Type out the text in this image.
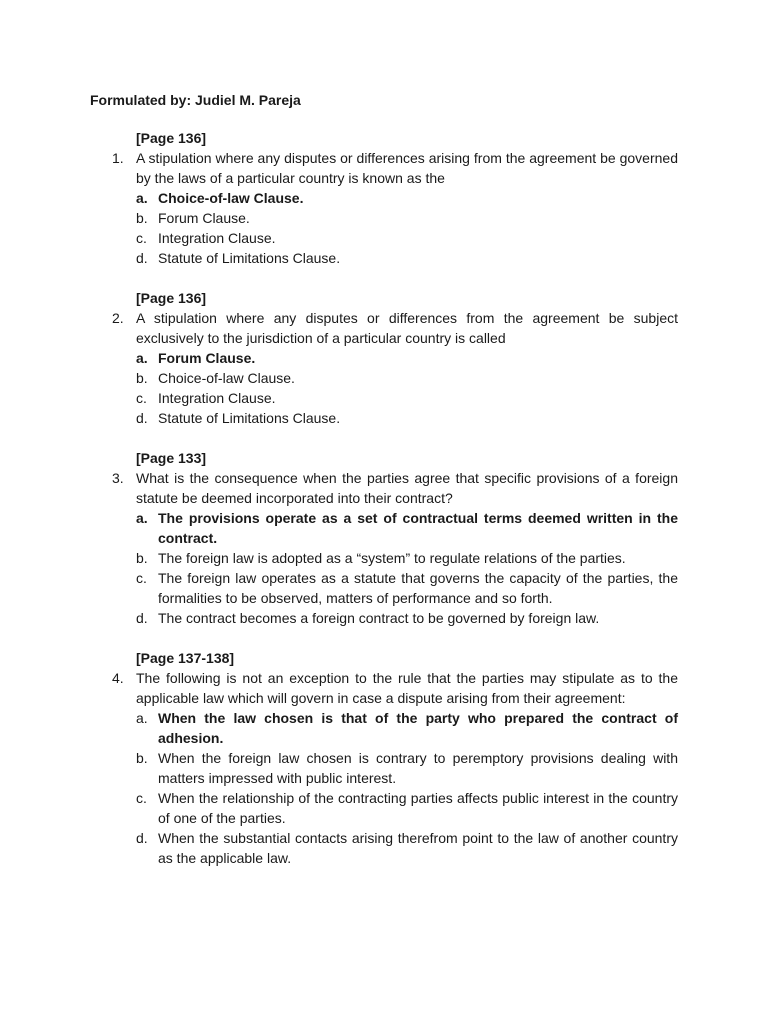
Formulated by: Judiel M. Pareja
[Page 136]
1. A stipulation where any disputes or differences arising from the agreement be governed by the laws of a particular country is known as the
a. Choice-of-law Clause.
b. Forum Clause.
c. Integration Clause.
d. Statute of Limitations Clause.
[Page 136]
2. A stipulation where any disputes or differences from the agreement be subject exclusively to the jurisdiction of a particular country is called
a. Forum Clause.
b. Choice-of-law Clause.
c. Integration Clause.
d. Statute of Limitations Clause.
[Page 133]
3. What is the consequence when the parties agree that specific provisions of a foreign statute be deemed incorporated into their contract?
a. The provisions operate as a set of contractual terms deemed written in the contract.
b. The foreign law is adopted as a “system” to regulate relations of the parties.
c. The foreign law operates as a statute that governs the capacity of the parties, the formalities to be observed, matters of performance and so forth.
d. The contract becomes a foreign contract to be governed by foreign law.
[Page 137-138]
4. The following is not an exception to the rule that the parties may stipulate as to the applicable law which will govern in case a dispute arising from their agreement:
a. When the law chosen is that of the party who prepared the contract of adhesion.
b. When the foreign law chosen is contrary to peremptory provisions dealing with matters impressed with public interest.
c. When the relationship of the contracting parties affects public interest in the country of one of the parties.
d. When the substantial contacts arising therefrom point to the law of another country as the applicable law.
